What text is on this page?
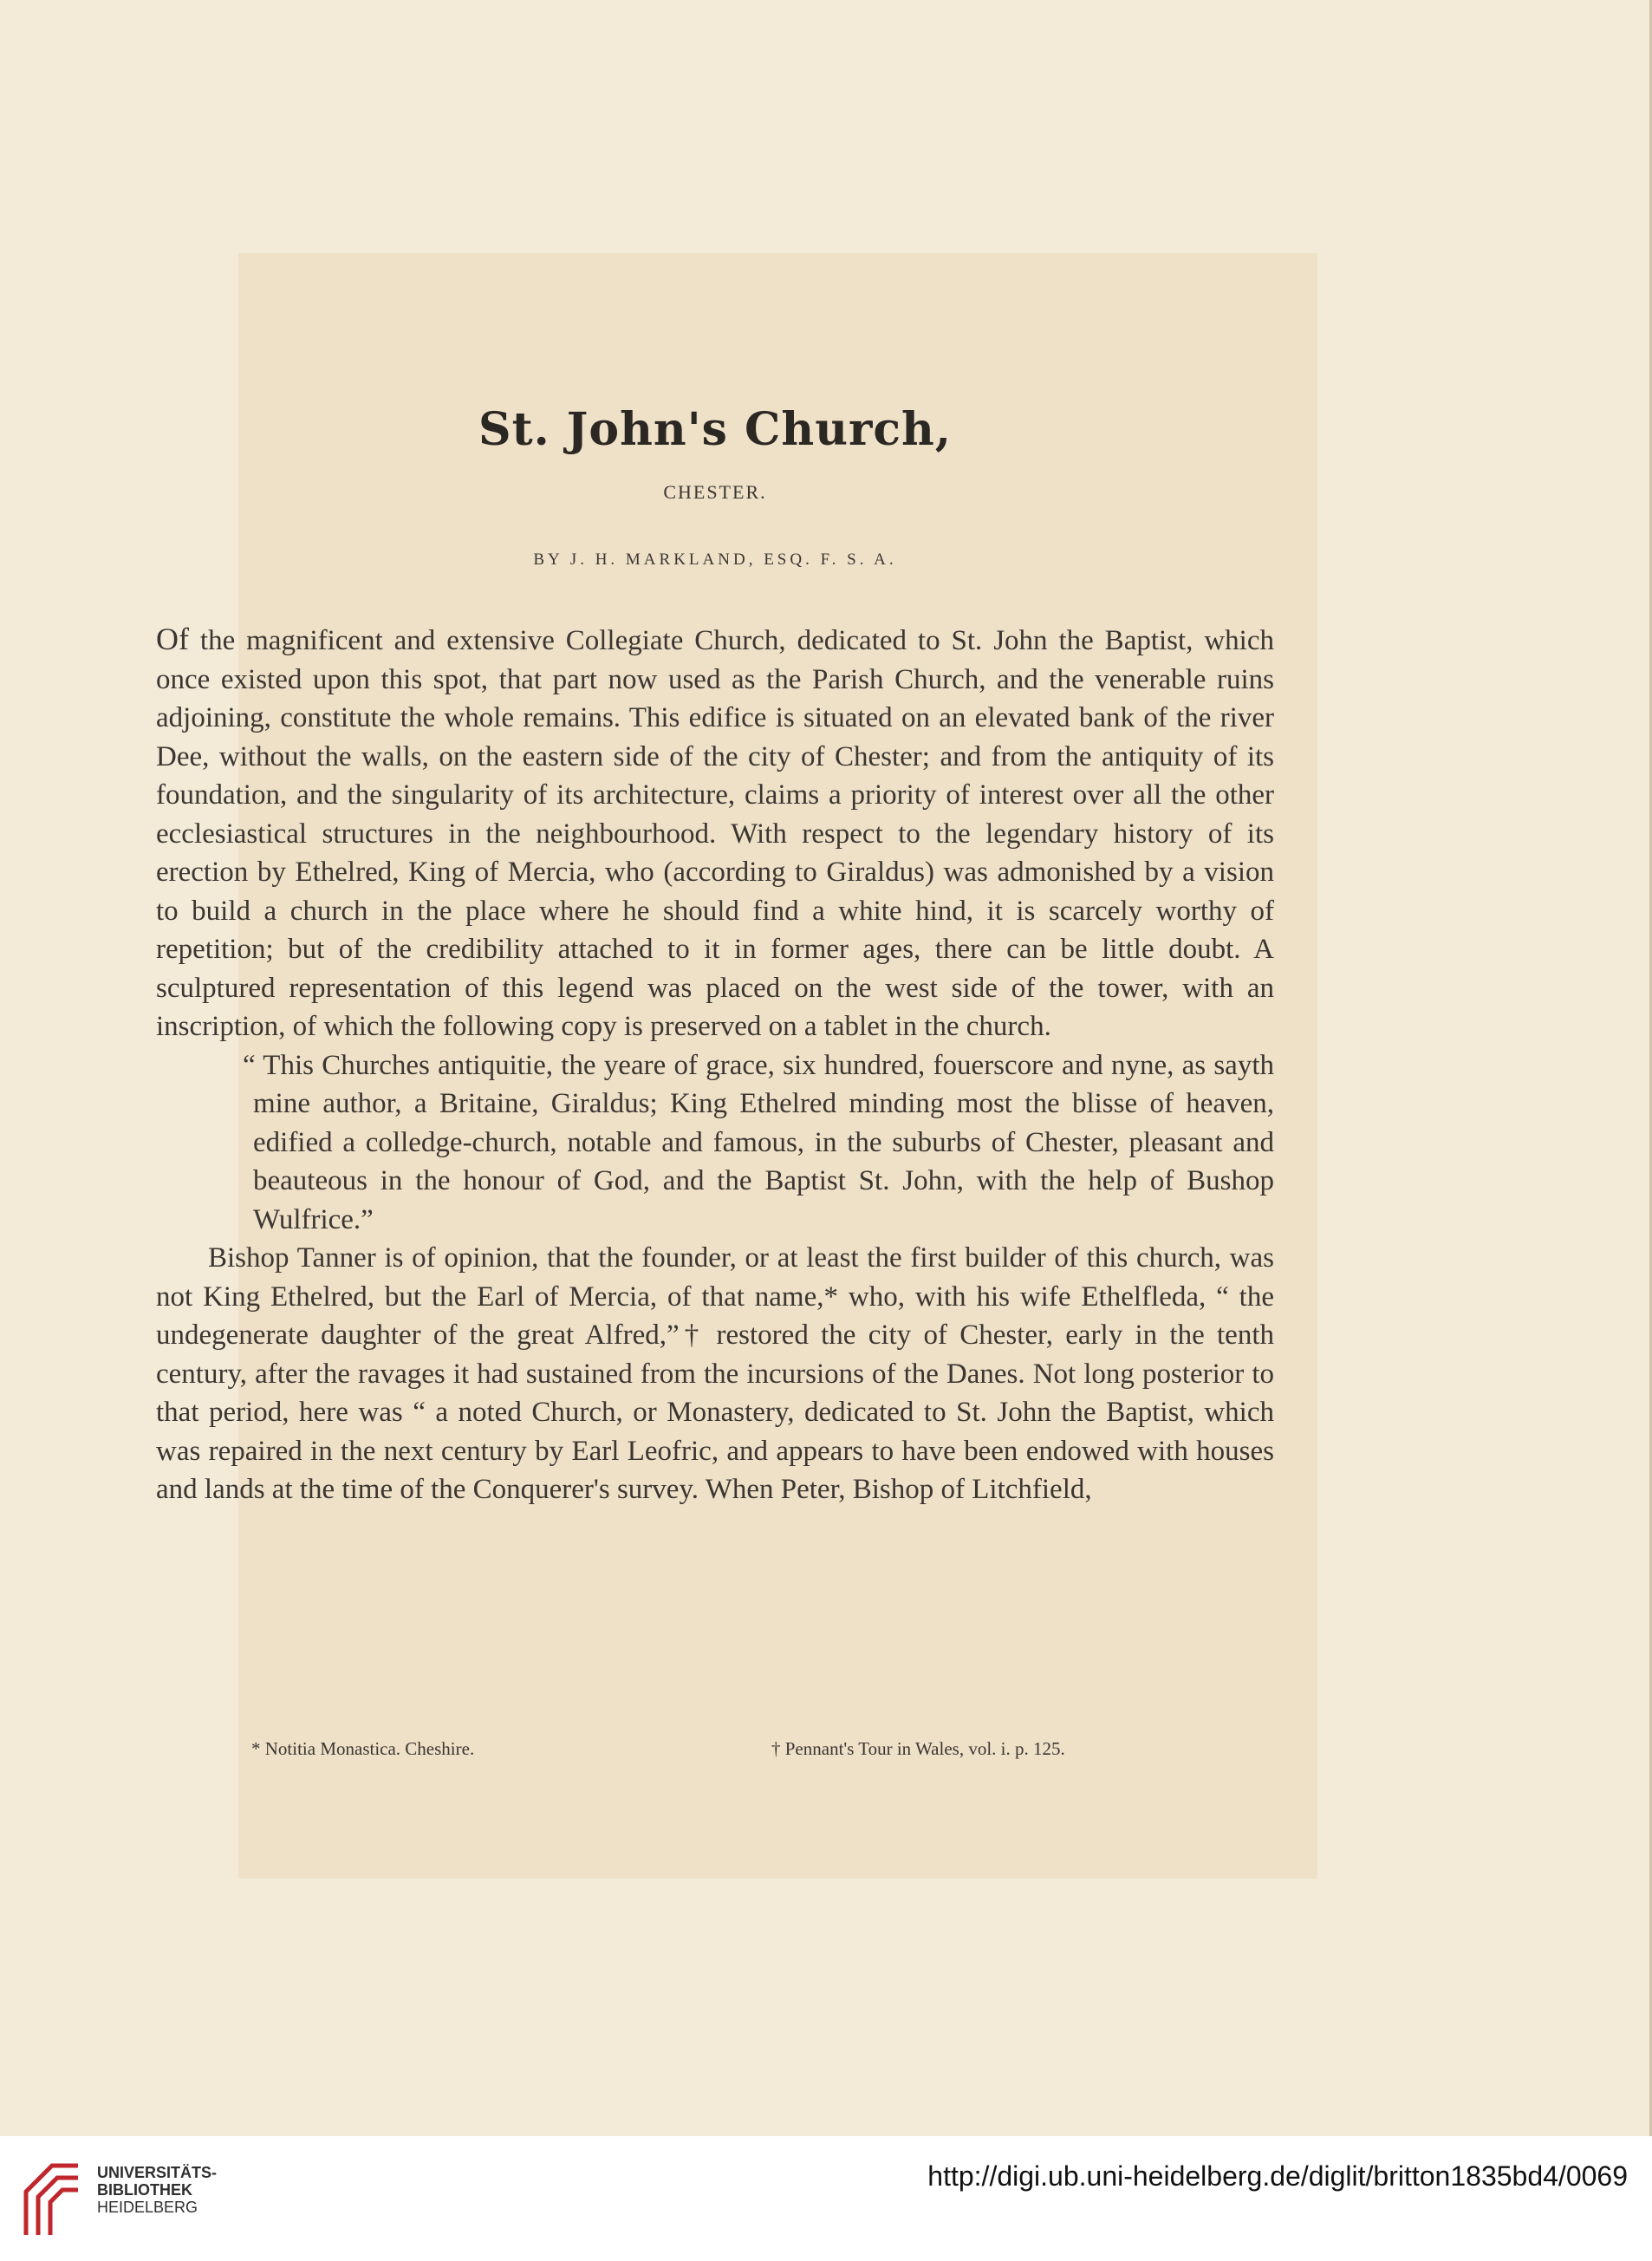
St. John's Church,
CHESTER.
BY J. H. MARKLAND, ESQ. F. S. A.

Of the magnificent and extensive Collegiate Church, dedicated to St. John the Baptist, which once existed upon this spot, that part now used as the Parish Church, and the venerable ruins adjoining, constitute the whole remains. This edifice is situated on an elevated bank of the river Dee, without the walls, on the eastern side of the city of Chester; and from the antiquity of its foundation, and the singularity of its architecture, claims a priority of interest over all the other ecclesiastical structures in the neighbourhood. With respect to the legendary history of its erection by Ethelred, King of Mercia, who (according to Giraldus) was admonished by a vision to build a church in the place where he should find a white hind, it is scarcely worthy of repetition; but of the credibility attached to it in former ages, there can be little doubt. A sculptured representation of this legend was placed on the west side of the tower, with an inscription, of which the following copy is preserved on a tablet in the church.

“ This Churches antiquitie, the yeare of grace, six hundred, fouerscore and nyne, as sayth mine author, a Britaine, Giraldus; King Ethelred minding most the blisse of heaven, edified a colledge-church, notable and famous, in the suburbs of Chester, pleasant and beauteous in the honour of God, and the Baptist St. John, with the help of Bushop Wulfrice.”

Bishop Tanner is of opinion, that the founder, or at least the first builder of this church, was not King Ethelred, but the Earl of Mercia, of that name,* who, with his wife Ethelfleda, “ the undegenerate daughter of the great Alfred,”† restored the city of Chester, early in the tenth century, after the ravages it had sustained from the incursions of the Danes. Not long posterior to that period, here was “ a noted Church, or Monastery, dedicated to St. John the Baptist, which was repaired in the next century by Earl Leofric, and appears to have been endowed with houses and lands at the time of the Conquerer's survey. When Peter, Bishop of Litchfield,

* Notitia Monastica. Cheshire.	† Pennant's Tour in Wales, vol. i. p. 125.
UNIVERSITÄTS-
BIBLIOTHEK
HEIDELBERG
http://digi.ub.uni-heidelberg.de/diglit/britton1835bd4/0069
